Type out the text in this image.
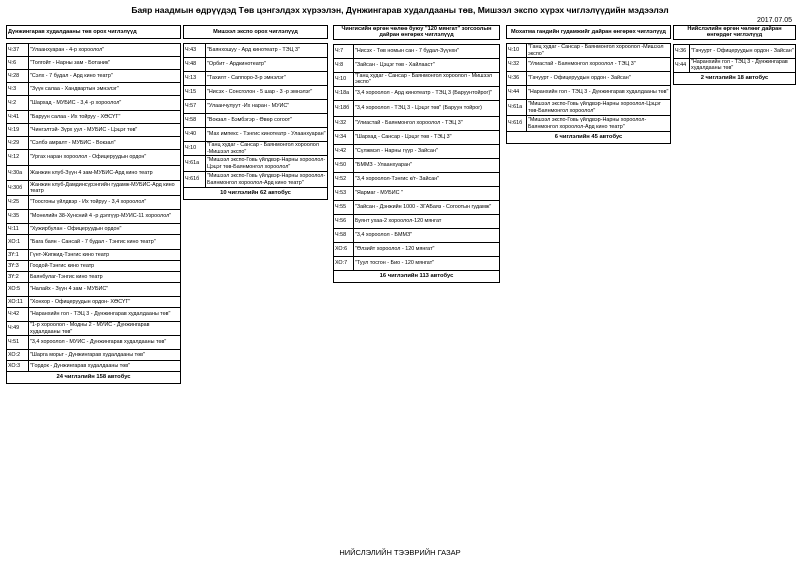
Баяр наадмын өдрүүдэд Төв цэнгэлдэх хүрээлэн, Дүнжингарав худалдааны төв, Мишээл экспо хүрэх чиглэлүүдийн мэдээлэл
2017.07.05
Дүнжингарав худалдааны төв орох чиглэлүүд	

Ч:37	"Улаанхуаран - 4-р хороолол"
Ч:6	"Толгойт - Нарны зам - Ботаник"
Ч:28	"Сэлх - 7 будал - Ард кино театр"
Ч:3	"Зүүн салаа - Хандвартын эмнэлэг"
Ч:2	"Шархад - МУБИС - 3,4 -р хороолол"
Ч:41	"Баруун салаа - Их тойруу - ХӨСҮТ"
Ч:19	"Чингэлтэй- Зүрх уул - МУБИС - Цэцэг төв"
Ч:29	"Сэлбэ амралт - МУБИС - Вокзал"
Ч:12	"Ургах наран хороолол - Офицеруудын ордон"
Ч:30а	Жанжин клуб-Зүүн 4 зам-МУБИС-Ард кино театр
Ч:30б	Жанжин клуб-Дамдинсүрэнгийн гудамж-МУБИС-Ард кино театр
Ч:25	"Тоосгоны үйлдвэр - Их тойруу - 3,4 хороолол"
Ч:35	"Монелийн 38-Хунсний 4 -р дэлгүүр-МУИС-11 хороолол"
Ч:11	"Хужирбулан - Офицеруудын ордон"
ХО:1	"Бага баян - Сансай - 7 будал - Тэнгис кино театр"
ЗҮ:1	Гүнт-Жигжид-Тэнгис кино театр
ЗҮ:3	Гоодой-Тэнгис кино театр
ЗҮ:2	Баянбулаг-Тэнгис кино театр
ХО:5	"Налайх - Зүүн 4 зам - МУБИС"
ХО:11	"Хонхор - Офицеруудын ордон- ХӨСҮТ"
Ч:42	"Наранхийн гол - ТЭЦ 3 - Дүнжингарав худалдааны төв"
Ч:49	"1-р хороолол - Модны 2 - МУИС - Дүнжингарав худалдааны төв"
Ч:51	"3,4 хороолол - МУИС - Дүнжингарав худалдааны төв"
ХО:2	"Шарга морьт - Дүнжингарав худалдааны төв"
ХО:3	"Гордок - Дүнжингарав худалдааны төв"
24 чиглэлийн 158 автобус	
Мишээл экспо орох чиглэлүүд	

Ч:43	"Баянхошуу - Ард кинотеатр - ТЭЦ 3"
Ч:48	"Орбит - Ардкинотеатр"
Ч:13	"Тахилт - Саппоро-3-р эмнэлэг"
Ч:15	"Нисэх - Сонсголон - 5 шар - 3 -р эмнэлэг"
Ч:57	"Улаанчулуут -Их наран - МУИС"
Ч:58	"Вокзал - Бэмбэгэр - Өвөр согоот"
Ч:40	"Мах импекс - Тэнгис кинотеатр - Улаанхуаран"
Ч:10	"Ганц худаг - Сансар - Баянмонгол хороолол -Мишээл экспо"
Ч:61а	"Мишээл экспо-Говь үйлдвэр-Нарны хороолол-Цэцэг төв-Баянмонгол хороолол"
Ч:61б	"Мишээл экспо-Говь үйлдвэр-Нарны хороолол-Баянмонгол хороолол-Ард кино театр"
10 чиглэлийн 62 автобус	
Чингисийн өргөн чөлөө буюу "120 мянгат" зогсоолын дайран өнгөрөх чиглэлүүд	

Ч:7	"Нисэх - Төв номын сан - 7 будал-Зүүнхн"
Ч:8	"Зайсан - Цэцэг төв - Хайлааст"
Ч:10	"Ганц худаг - Сансар - Баянмонгол хороолол - Мишээл экспо"
Ч:18а	"3,4 хороолол - Ард кинотеатр - ТЭЦ 3 (Баруунтойрог)"
Ч:18б	"3,4 хороолол - ТЭЦ 3 - Цэцэг төв" (Баруун тойрог)
Ч:32	"Улиастай - Баянмонгол хороолол - ТЭЦ 3"
Ч:34	"Шархад - Сансар - Цэцэг төв - ТЭЦ 3"
Ч:42	"Сүлжмэл - Нарны гүүр - Зайсан"
Ч:50	"БММЗ - Улаанхуаран"
Ч:52	"3,4 хороолол-Тэнгис к/т- Зайсан"
Ч:53	"Яармаг - МУБИС "
Ч:55	"Зайсан - Дэнжийн 1000 - ЗГАБаяз - Согоотын гудамж"
Ч:56	Буянт ухаа-2 хороолол-120 мянгат
Ч:58	"3,4 хороолол - БММЗ"
ХО:6	"Өлзийт хороолол - 120 мянгат"
ХО:7	"Туул тосгон - Био - 120 мянгат"
16 чиглэлийн 113 автобус	
Мохатма гандийн гудамжийг дайран өнгөрөх чиглэлүүд	

Ч:10	"Ганц худаг - Сансар - Баянмонгол хороолол -Мишээл экспо"
Ч:32	"Улиастай - Баянмонгол хороолол - ТЭЦ 3"
Ч:36	"Гачуурт - Офицеруудын ордон - Зайсан"
Ч:44	"Наранхийн гол - ТЭЦ 3 - Дүнжингарав худалдааны төв"
Ч:61а	"Мишээл экспо-Говь үйлдвэр-Нарны хороолол-Цэцэг төв-Баянмонгол хороолол"
Ч:61б	"Мишээл экспо-Говь үйлдвэр-Нарны хороолол-Баянмонгол хороолол-Ард кино театр"
6 чиглэлийн 45 автобус	
Нийслэлийн өргөн чөлөөг дайран өнгөрдөг чиглэлүүд	

Ч:36	"Гачуурт - Офицеруудын ордон - Зайсан"
Ч:44	"Наранхийн гол - ТЭЦ 3 - Дүнжингарав худалдааны төв"
2 чиглэлийн 18 автобус	
НИЙСЛЭЛИЙН ТЭЭВРИЙН ГАЗАР
